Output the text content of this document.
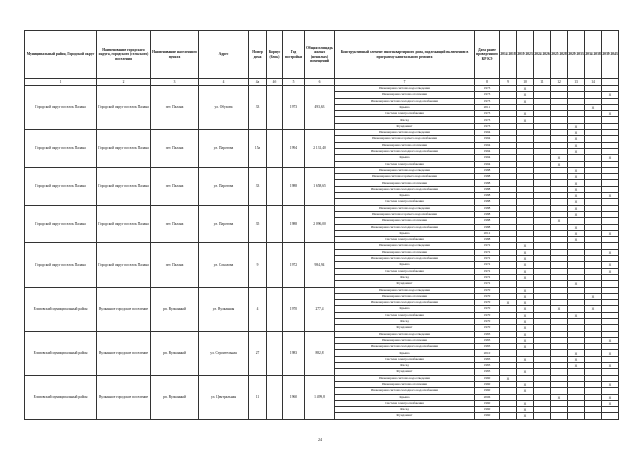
Муниципальный район, Городской округ	Наименование городского округа, городского (сельского) поселения	Наименование населенного пункта	Адрес	Номер дома	Корпус (блок)	Год постройки	Общая площадь жилых (нежилых) помещений	Конструктивный элемент многоквартирного дома, подлежащий включению в программу капитального ремонта	Дата ранее проведенного КР КЭ	2014 2018	2019 2023	2024 2026	2025 2028	2029 2033	2034 2038	2039 2043
1	2	3	4	4а	4б	5	6	7	8	9	10	11	12	13	14	
Городской округ поселок Палана	Городской округ поселок Палана	пгт. Палана	ул. Обухова	33		1973	493,63	Инженерная система водоотведения	1973		X					
								Инженерная система отопления	1973		X					X
								Инженерная система холодного водоснабжения	1973		X					
								Крыша	2011						X	
								Система электроснабжения	1973		X					X
								Фасад	1973		X					
								Фундамент	1973					X		
Городской округ поселок Палана	Городской округ поселок Палана	пгт. Палана	ул. Паротова	15а		1994	2 131,40	Инженерная система водоотведения	1994					X		
								Инженерная система горячего водоснабжения	1994					X		
								Инженерная система отопления	1994					X		
								Инженерная система холодного водоснабжения	1994					X		
								Крыша	1994				X			X
								Система электроснабжения	1994				X			
Городской округ поселок Палана	Городской округ поселок Палана	пгт. Палана	ул. Паротова	33		1988	1 658,65	Инженерная система водоотведения	1988					X		
								Инженерная система горячего водоснабжения	1988					X		
								Инженерная система отопления	1988					X		
								Инженерная система холодного водоснабжения	1988					X		
								Крыша	1988					X		X
								Система электроснабжения	1988					X		
Городской округ поселок Палана	Городской округ поселок Палана	пгт. Палана	ул. Паротова	35		1988	2 096,00	Инженерная система водоотведения	1988					X		
								Инженерная система горячего водоснабжения	1988					X		
								Инженерная система отопления	1988				X			
								Инженерная система холодного водоснабжения	1988					X		
								Крыша	2012					X		X
								Система электроснабжения	1988					X		
Городской округ поселок Палана	Городской округ поселок Палана	пгт. Палана	ул. Соколова	9		1972	984,94	Инженерная система водоотведения	1972		X					
								Инженерная система отопления	1972		X					X
								Инженерная система холодного водоснабжения	1972		X					
								Крыша	1972		X					X
								Система электроснабжения	1972		X					X
								Фасад	1972		X					
								Фундамент	1972					X		
Елизовский муниципальный район	Вулканное городское поселение	рп. Вулканный	ул. Вулканная	4		1970	277,4	Инженерная система водоотведения	1970		X					
								Инженерная система отопления	1970		X				X	
								Инженерная система холодного водоснабжения	1970	X	X					
								Крыша	1970		X		X		X	
								Система электроснабжения	1970		X			X		
								Фасад	1970		X					
								Фундамент	1970		X					
Елизовский муниципальный район	Вулканное городское поселение	рп. Вулканный	ул. Строительная	27		1983	882,8	Инженерная система водоотведения	1983		X					
								Инженерная система отопления	1983		X					X
								Инженерная система холодного водоснабжения	1983		X					
								Крыша	2010					X		X
								Система электроснабжения	1983		X			X		
								Фасад	1983					X		X
								Фундамент	1983		X					
Елизовский муниципальный район	Вулканное городское поселение	рп. Вулканный	ул. Центральная	11		1960	1 499,8	Инженерная система водоотведения	1960	X						
								Инженерная система отопления	1960		X					X
								Инженерная система холодного водоснабжения	1960		X					
								Крыша	2006				X			X
								Система электроснабжения	1960		X					X
								Фасад	1960		X					
								Фундамент	1960		X					
24
